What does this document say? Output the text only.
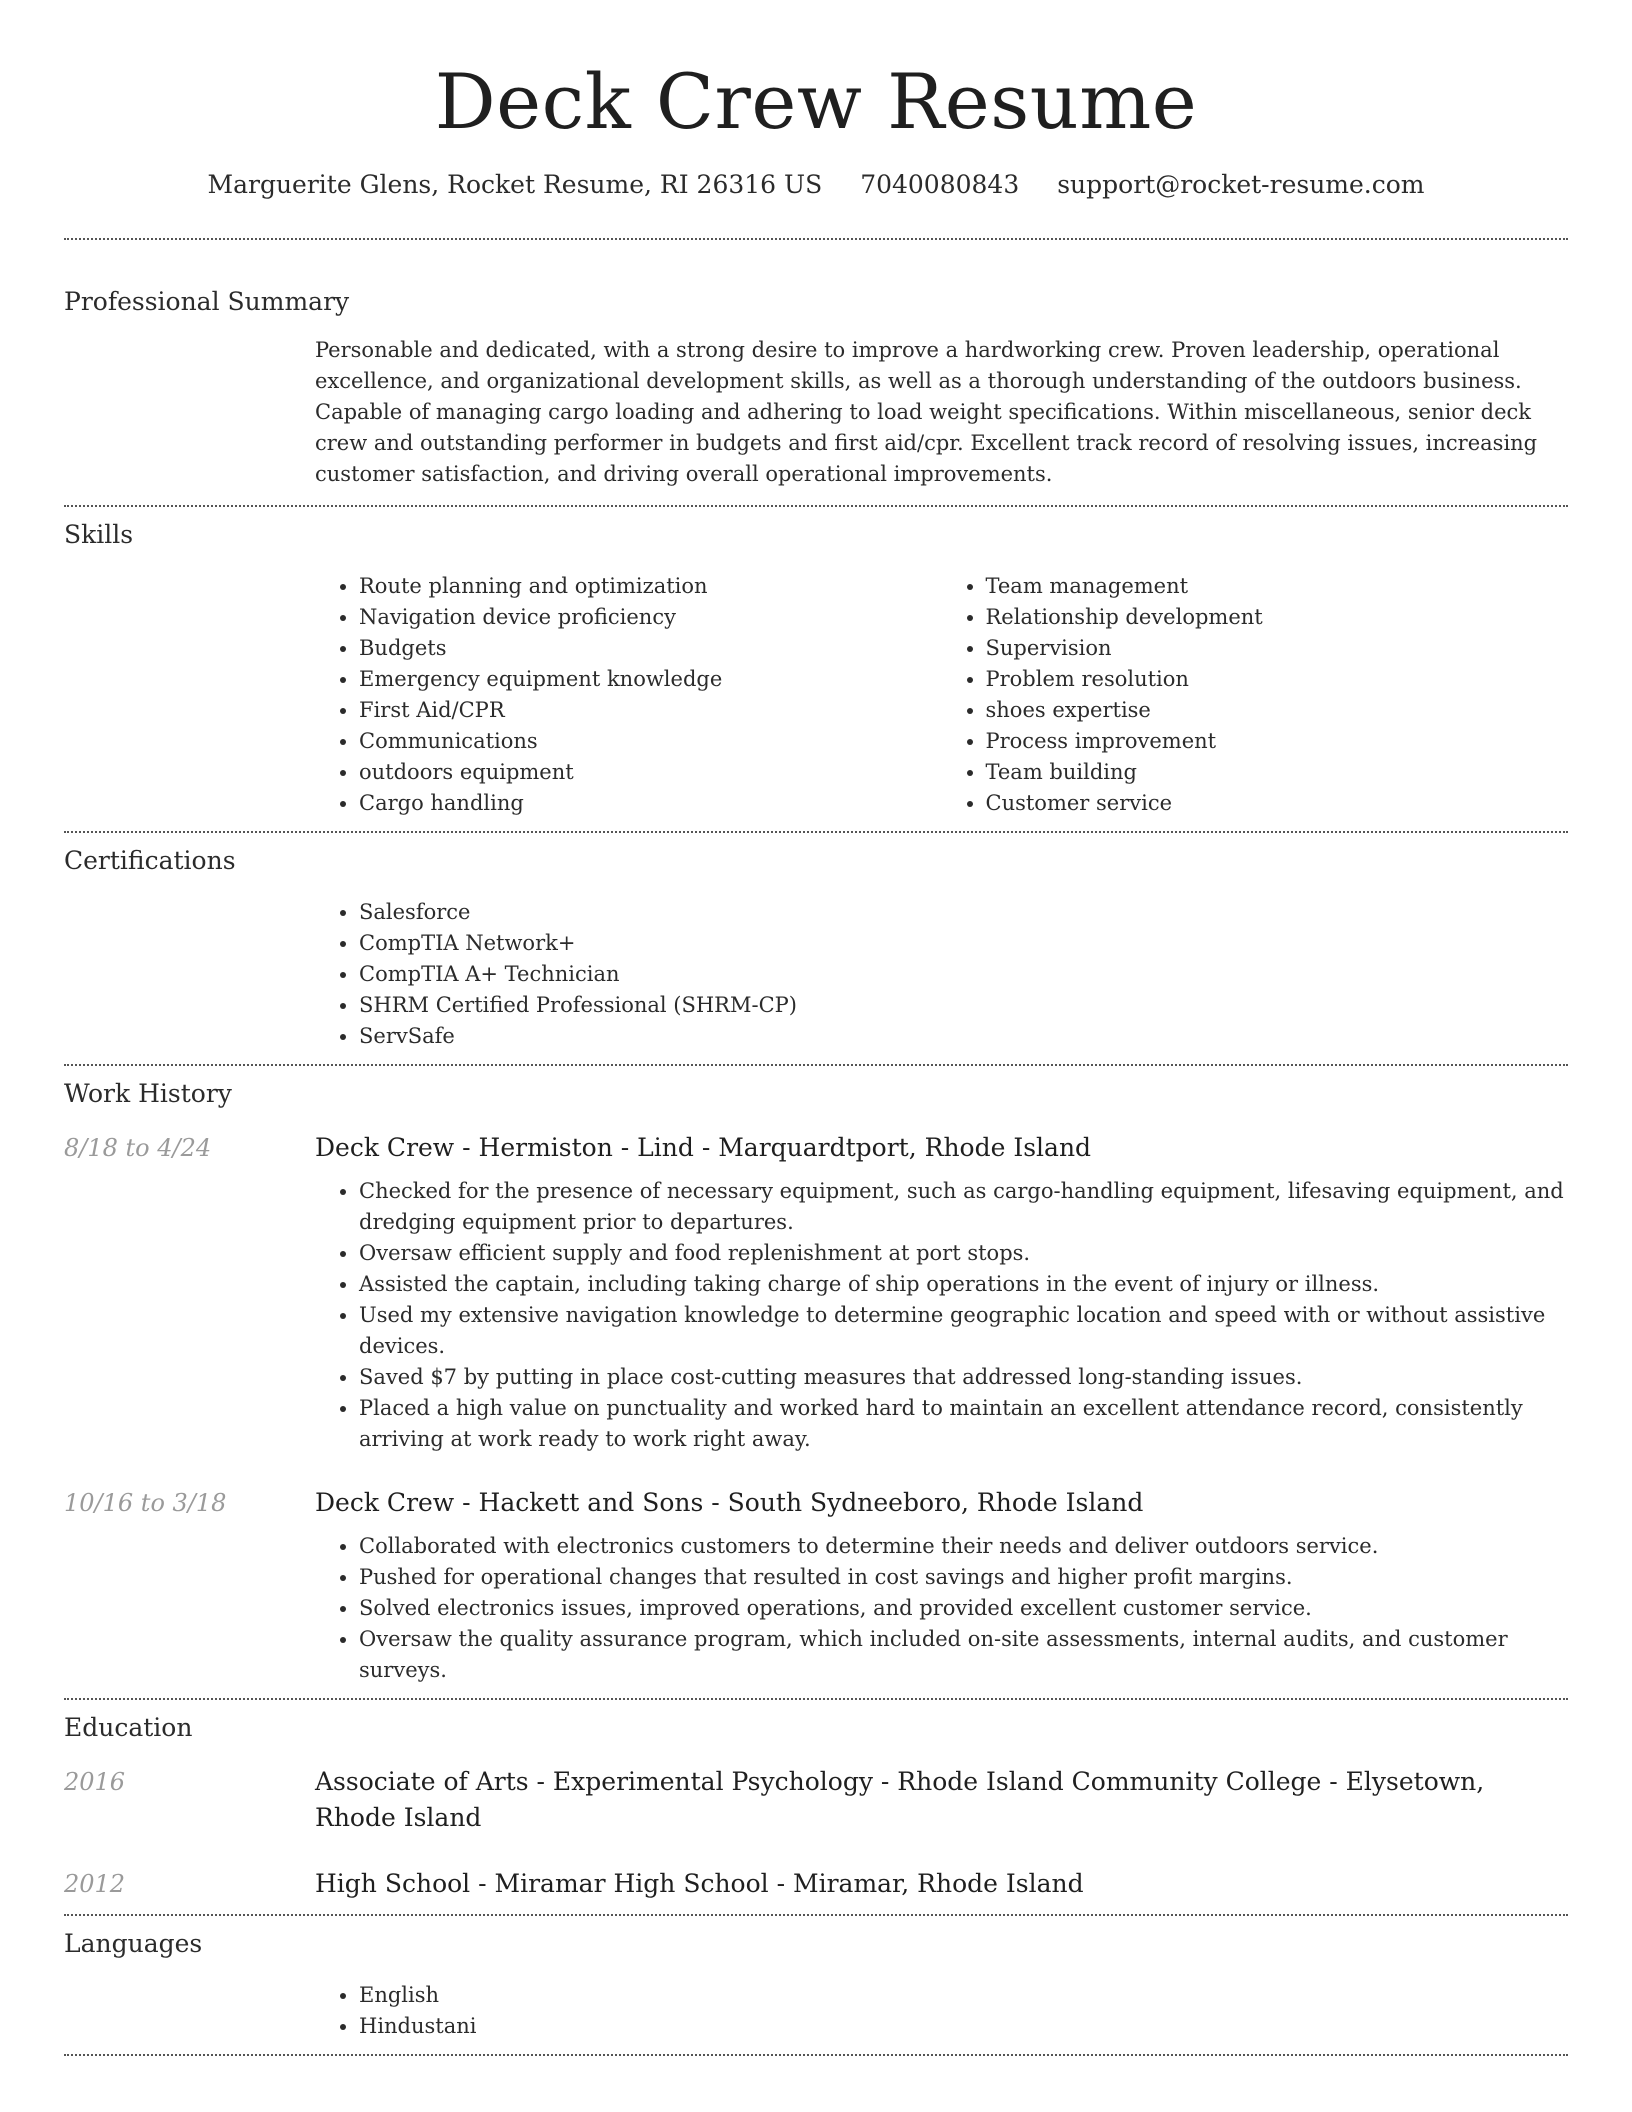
Deck Crew Resume
Marguerite Glens, Rocket Resume, RI 26316 US 7040080843 support@rocket-resume.com
Professional Summary
Personable and dedicated, with a strong desire to improve a hardworking crew. Proven leadership, operational excellence, and organizational development skills, as well as a thorough understanding of the outdoors business. Capable of managing cargo loading and adhering to load weight specifications. Within miscellaneous, senior deck crew and outstanding performer in budgets and first aid/cpr. Excellent track record of resolving issues, increasing customer satisfaction, and driving overall operational improvements.
Skills
• Route planning and optimization
• Navigation device proficiency
• Budgets
• Emergency equipment knowledge
• First Aid/CPR
• Communications
• outdoors equipment
• Cargo handling
• Team management
• Relationship development
• Supervision
• Problem resolution
• shoes expertise
• Process improvement
• Team building
• Customer service
Certifications
• Salesforce
• CompTIA Network+
• CompTIA A+ Technician
• SHRM Certified Professional (SHRM-CP)
• ServSafe
Work History
8/18 to 4/24	Deck Crew - Hermiston - Lind - Marquardtport, Rhode Island
• Checked for the presence of necessary equipment, such as cargo-handling equipment, lifesaving equipment, and dredging equipment prior to departures.
• Oversaw efficient supply and food replenishment at port stops.
• Assisted the captain, including taking charge of ship operations in the event of injury or illness.
• Used my extensive navigation knowledge to determine geographic location and speed with or without assistive devices.
• Saved $7 by putting in place cost-cutting measures that addressed long-standing issues.
• Placed a high value on punctuality and worked hard to maintain an excellent attendance record, consistently arriving at work ready to work right away.
10/16 to 3/18	Deck Crew - Hackett and Sons - South Sydneeboro, Rhode Island
• Collaborated with electronics customers to determine their needs and deliver outdoors service.
• Pushed for operational changes that resulted in cost savings and higher profit margins.
• Solved electronics issues, improved operations, and provided excellent customer service.
• Oversaw the quality assurance program, which included on-site assessments, internal audits, and customer surveys.
Education
2016	Associate of Arts - Experimental Psychology - Rhode Island Community College - Elysetown, Rhode Island
2012	High School - Miramar High School - Miramar, Rhode Island
Languages
• English
• Hindustani
